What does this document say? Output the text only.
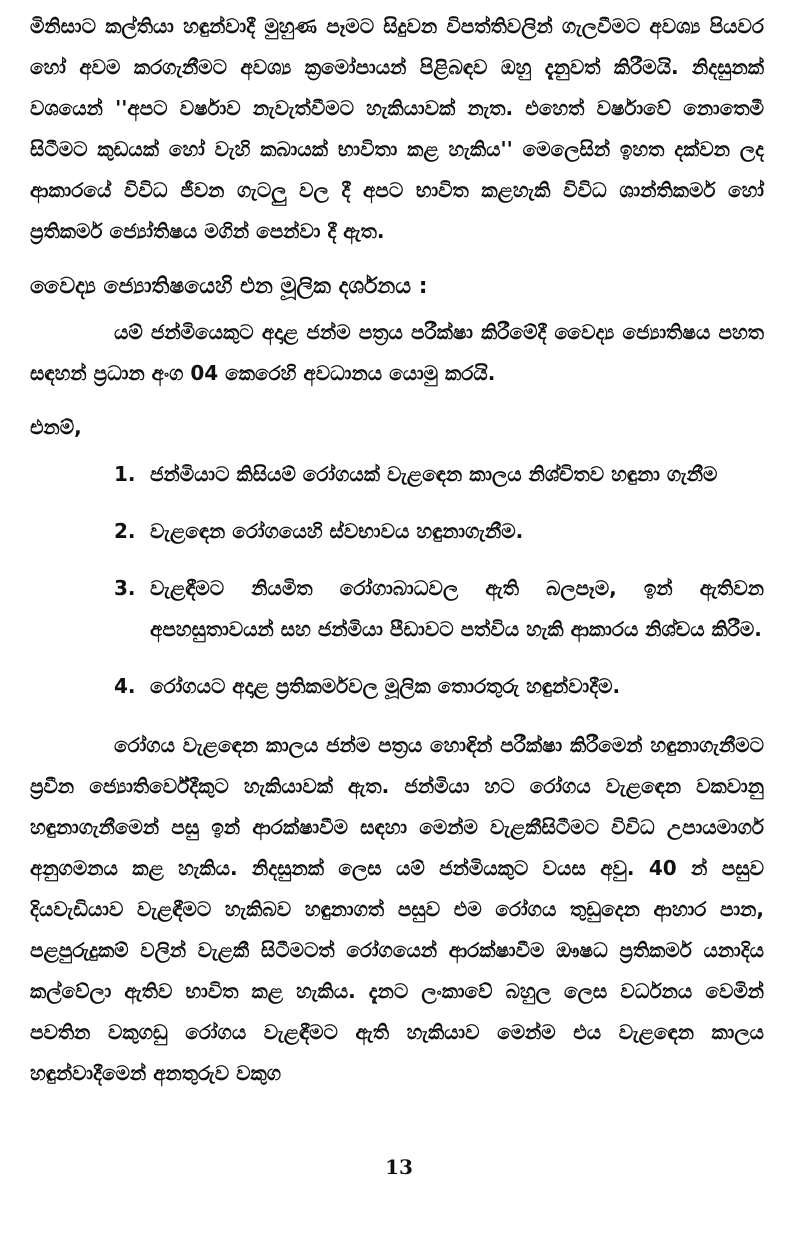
මිනිසාට කල්තියා හඳුන්වාදී මුහුණ පෑමට සිදුවන විපත්තිවලින් ගැලවීමට අවශ්‍ය පියවර හෝ අවම කරගැනීමට අවශ්‍ය ක්‍රමෝපායන් පිළිබඳව ඔහු දැනුවත් කිරීමයි. නිදසුනක් වශයෙන් ''අපට වර්ෂාව නැවැත්වීමට හැකියාවක් නැත. එහෙත් වර්ෂාවේ නොතෙමී සිටීමට කුඩයක් හෝ වැහි කබායක් භාවිතා කළ හැකිය'' මෙලෙසින් ඉහත දක්වන ලද ආකාරයේ විවිධ ජීවන ගැටලු වල දී අපට භාවිත කළහැකි විවිධ ශාන්තිකර්ම හෝ ප්‍රතිකර්ම ජ්‍යෝතිෂය මගින් පෙන්වා දී ඇත.

වෛද්‍ය ජ්‍යොතිෂයෙහි එන මූලික දර්ශනය :

යම් ජන්මියෙකුට අදාළ ජන්ම පත්‍රය පරීක්ෂා කිරීමේදී වෛද්‍ය ජ්‍යොතිෂය පහත සඳහන් ප්‍රධාන අංග 04 කෙරෙහි අවධානය යොමු කරයි.

එනම්,

1. ජන්මියාට කිසියම් රෝගයක් වැළඳෙන කාලය නිශ්චිතව හඳුනා ගැනීම
2. වැළඳෙන රෝගයෙහි ස්වභාවය හඳුනාගැනීම.
3. වැළඳීමට නියමිත රෝගාබාධවල ඇති බලපෑම, ඉන් ඇතිවන අපහසුතාවයන් සහ ජන්මියා පීඩාවට පත්විය හැකි ආකාරය නිශ්චය කිරීම.
4. රෝගයට අදාළ ප්‍රතිකර්මවල මූලික තොරතුරු හඳුන්වාදීම.

රෝගය වැළඳෙන කාලය ජන්ම පත්‍රය හොඳින් පරීක්ෂා කිරීමෙන් හඳුනාගැනීමට ප්‍රවීන ජ්‍යොතිර්වේදීකුට හැකියාවක් ඇත. ජන්මියා හට රෝගය වැළඳෙන වකවානු හඳුනාගැනීමෙන් පසු ඉන් ආරක්ෂාවීම සඳහා මෙන්ම වැළකීසිටීමට විවිධ උපායමාර්ග අනුගමනය කළ හැකිය. නිදසුනක් ලෙස යම් ජන්මියකුට වයස අවු. 40 න් පසුව දියවැඩියාව වැළඳීමට හැකිබව හඳුනාගත් පසුව එම රෝගය තුඩුදෙන ආහාර පාන, පළපුරුදුකම් වලින් වැළකී සිටීමටත් රෝගයෙන් ආරක්ෂාවීම ඖෂධ ප්‍රතිකර්ම යනාදිය කල්වේලා ඇතිව භාවිත කළ හැකිය. දැනට ලංකාවේ බහුල ලෙස වර්ධනය වෙමින් පවතින වකුගඩු රෝගය වැළඳීමට ඇති හැකියාව මෙන්ම එය වැළඳෙන කාලය හඳුන්වාදීමෙන් අනතුරුව වකුග

13
